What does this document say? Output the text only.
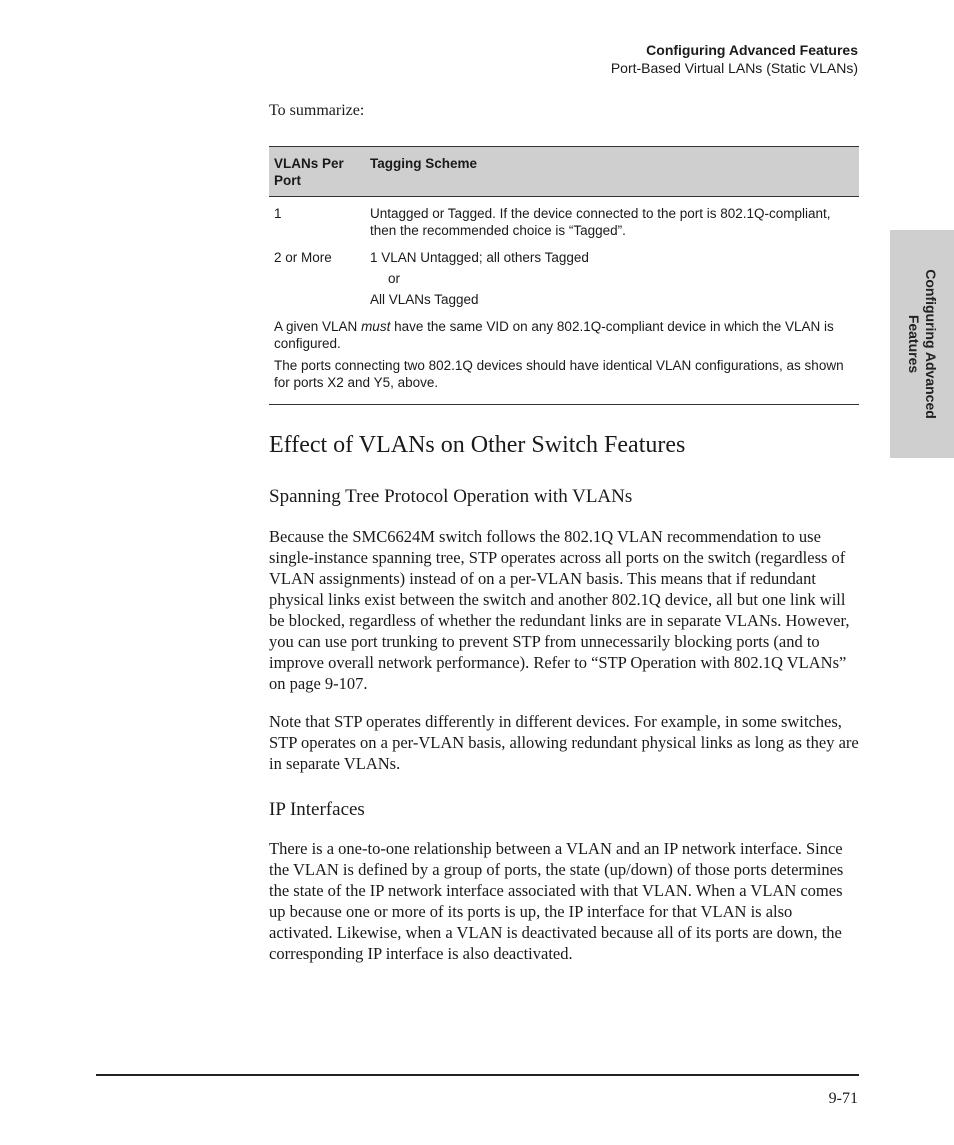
Configuring Advanced Features
Port-Based Virtual LANs (Static VLANs)
Configuring Advanced Features
To summarize:
VLANs Per Port	Tagging Scheme
1	Untagged or Tagged. If the device connected to the port is 802.1Q-compliant, then the recommended choice is “Tagged”.
2 or More	1 VLAN Untagged; all others Tagged
or
All VLANs Tagged

A given VLAN must have the same VID on any 802.1Q-compliant device in which the VLAN is configured.

The ports connecting two 802.1Q devices should have identical VLAN configurations, as shown for ports X2 and Y5, above.	

Effect of VLANs on Other Switch Features
Spanning Tree Protocol Operation with VLANs

Because the SMC6624M switch follows the 802.1Q VLAN recommendation to use single-instance spanning tree, STP operates across all ports on the switch (regardless of VLAN assignments) instead of on a per-VLAN basis. This means that if redundant physical links exist between the switch and another 802.1Q device, all but one link will be blocked, regardless of whether the redundant links are in separate VLANs. However, you can use port trunking to prevent STP from unnecessarily blocking ports (and to improve overall network performance). Refer to “STP Operation with 802.1Q VLANs” on page 9-107.

Note that STP operates differently in different devices. For example, in some switches, STP operates on a per-VLAN basis, allowing redundant physical links as long as they are in separate VLANs.

IP Interfaces

There is a one-to-one relationship between a VLAN and an IP network interface. Since the VLAN is defined by a group of ports, the state (up/down) of those ports determines the state of the IP network interface associated with that VLAN. When a VLAN comes up because one or more of its ports is up, the IP interface for that VLAN is also activated. Likewise, when a VLAN is deactivated because all of its ports are down, the corresponding IP interface is also deactivated.

9-71
